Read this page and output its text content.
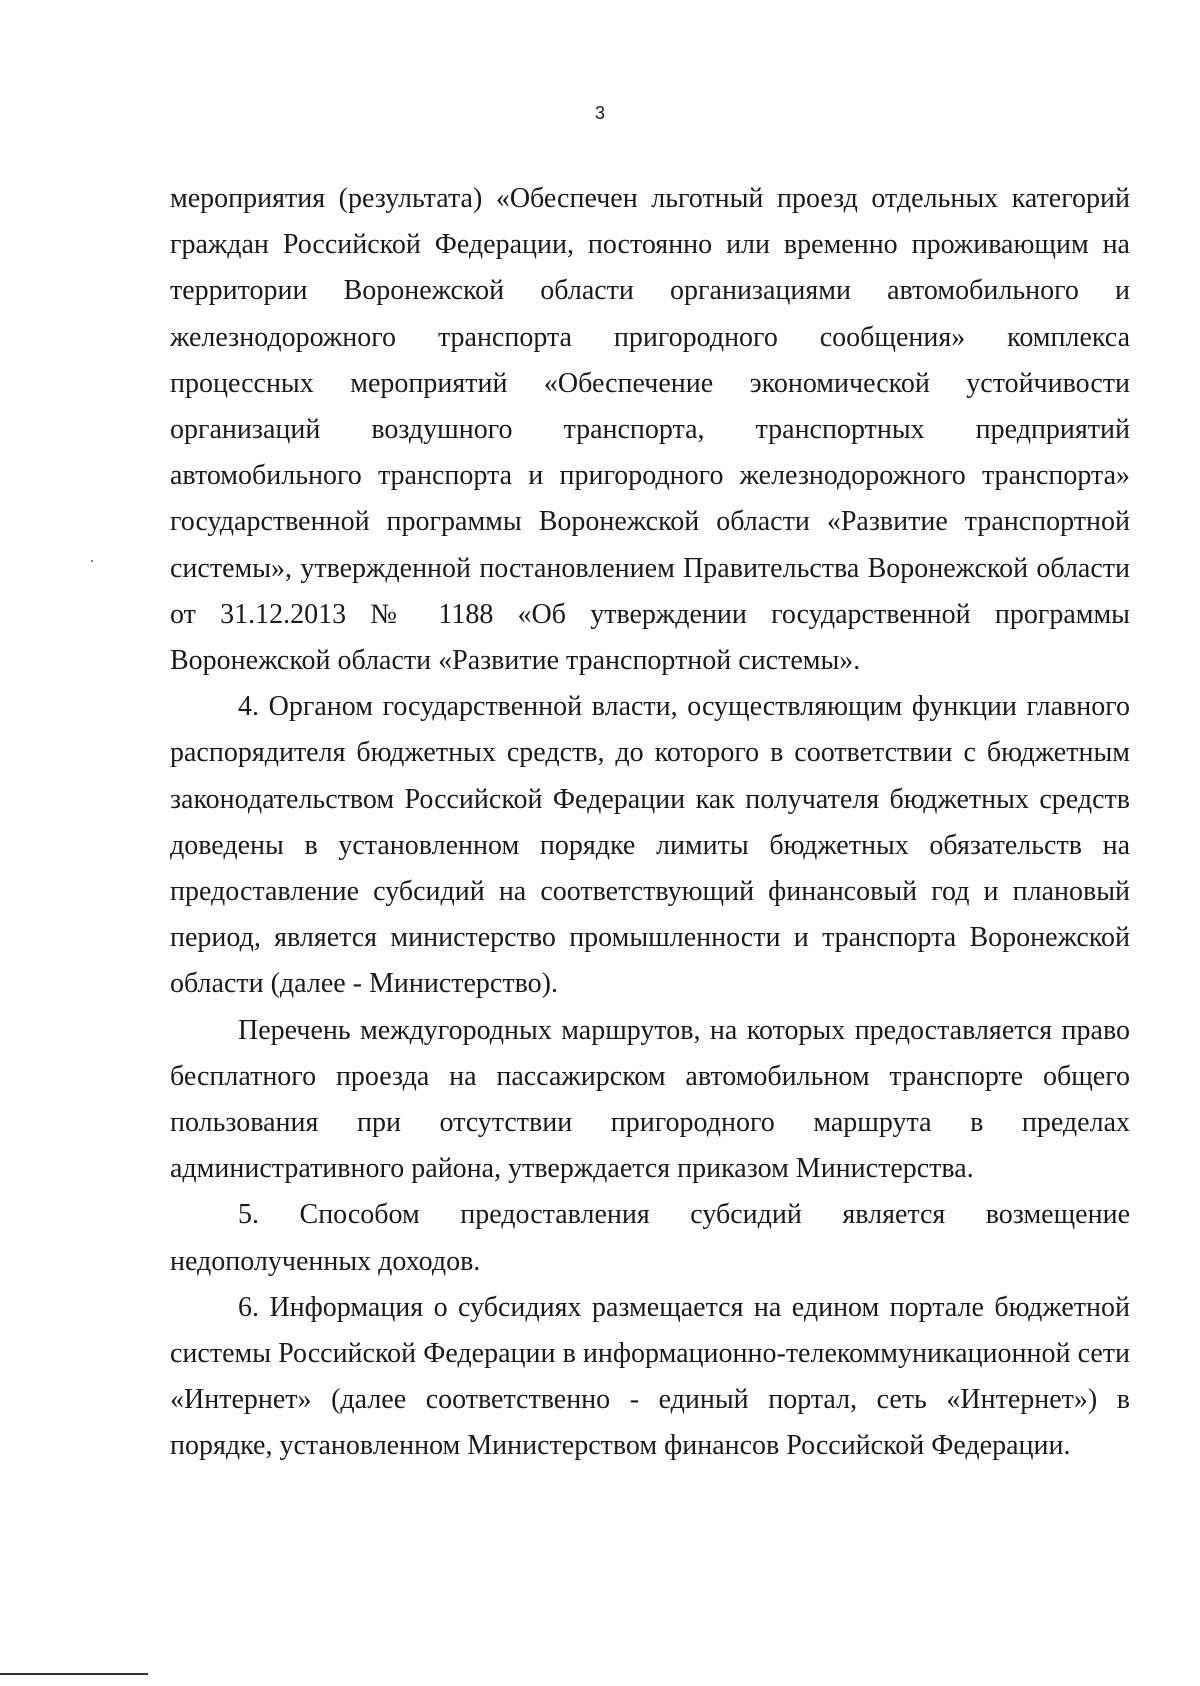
3

мероприятия (результата) «Обеспечен льготный проезд отдельных категорий граждан Российской Федерации, постоянно или временно проживающим на территории Воронежской области организациями автомобильного и железнодорожного транспорта пригородного сообщения» комплекса процессных мероприятий «Обеспечение экономической устойчивости организаций воздушного транспорта, транспортных предприятий автомобильного транспорта и пригородного железнодорожного транспорта» государственной программы Воронежской области «Развитие транспортной системы», утвержденной постановлением Правительства Воронежской области от 31.12.2013 № 1188 «Об утверждении государственной программы Воронежской области «Развитие транспортной системы».

4. Органом государственной власти, осуществляющим функции главного распорядителя бюджетных средств, до которого в соответствии с бюджетным законодательством Российской Федерации как получателя бюджетных средств доведены в установленном порядке лимиты бюджетных обязательств на предоставление субсидий на соответствующий финансовый год и плановый период, является министерство промышленности и транспорта Воронежской области (далее - Министерство).

Перечень междугородных маршрутов, на которых предоставляется право бесплатного проезда на пассажирском автомобильном транспорте общего пользования при отсутствии пригородного маршрута в пределах административного района, утверждается приказом Министерства.

5. Способом предоставления субсидий является возмещение недополученных доходов.

6. Информация о субсидиях размещается на едином портале бюджетной системы Российской Федерации в информационно-телекоммуникационной сети «Интернет» (далее соответственно - единый портал, сеть «Интернет») в порядке, установленном Министерством финансов Российской Федерации.
